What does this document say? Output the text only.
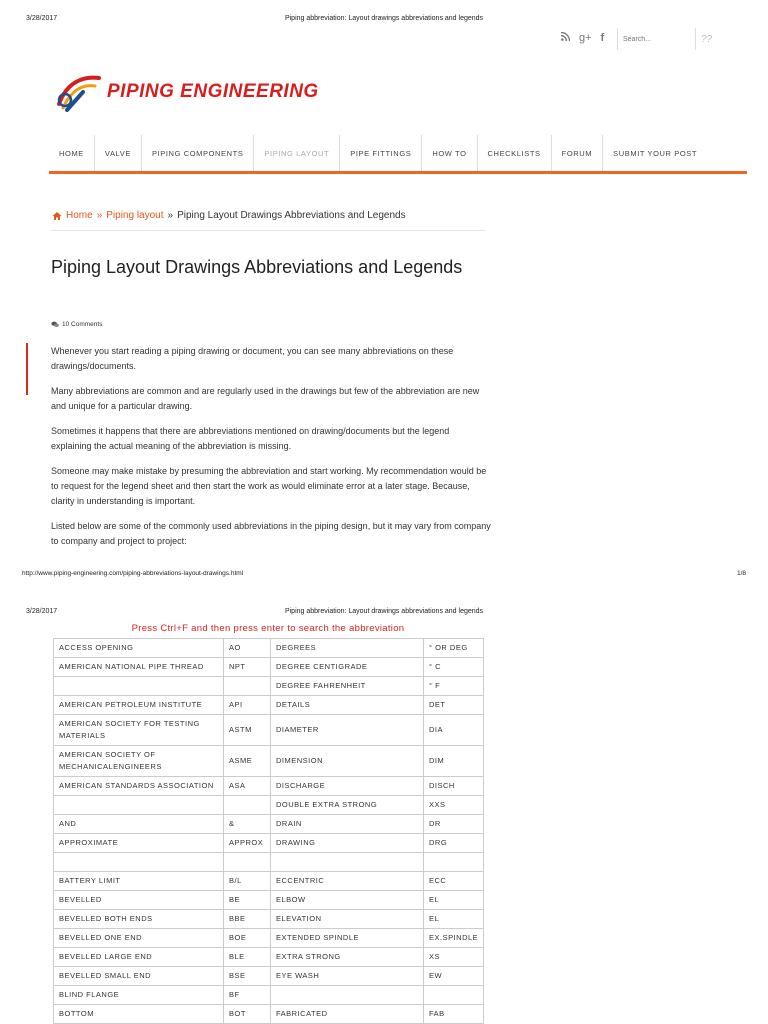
3/28/2017	Piping abbreviation: Layout drawings abbreviations and legends
g+ f
Search...	??
PIPING ENGINEERING
HOME	VALVE	PIPING COMPONENTS	PIPING LAYOUT	PIPE FITTINGS	HOW TO	CHECKLISTS	FORUM	SUBMIT YOUR POST
Home » Piping layout » Piping Layout Drawings Abbreviations and Legends
Piping Layout Drawings Abbreviations and Legends
10 Comments

Whenever you start reading a piping drawing or document, you can see many abbreviations on these drawings/documents.

Many abbreviations are common and are regularly used in the drawings but few of the abbreviation are new and unique for a particular drawing.

Sometimes it happens that there are abbreviations mentioned on drawing/documents but the legend explaining the actual meaning of the abbreviation is missing.

Someone may make mistake by presuming the abbreviation and start working. My recommendation would be to request for the legend sheet and then start the work as would eliminate error at a later stage. Because, clarity in understanding is important.

Listed below are some of the commonly used abbreviations in the piping design, but it may vary from company to company and project to project:

http://www.piping-engineering.com/piping-abbreviations-layout-drawings.html	1/8
3/28/2017	Piping abbreviation: Layout drawings abbreviations and legends
Press Ctrl+F and then press enter to search the abbreviation
ACCESS OPENING	AO	DEGREES	° OR DEG
AMERICAN NATIONAL PIPE THREAD	NPT	DEGREE CENTIGRADE	° C
		DEGREE FAHRENHEIT	° F
AMERICAN PETROLEUM INSTITUTE	API	DETAILS	DET
AMERICAN SOCIETY FOR TESTING MATERIALS	ASTM	DIAMETER	DIA
AMERICAN SOCIETY OF MECHANICALENGINEERS	ASME	DIMENSION	DIM
AMERICAN STANDARDS ASSOCIATION	ASA	DISCHARGE	DISCH
		DOUBLE EXTRA STRONG	XXS
AND	&	DRAIN	DR
APPROXIMATE	APPROX	DRAWING	DRG

BATTERY LIMIT	B/L	ECCENTRIC	ECC
BEVELLED	BE	ELBOW	EL
BEVELLED BOTH ENDS	BBE	ELEVATION	EL
BEVELLED ONE END	BOE	EXTENDED SPINDLE	EX.SPINDLE
BEVELLED LARGE END	BLE	EXTRA STRONG	XS
BEVELLED SMALL END	BSE	EYE WASH	EW
BLIND FLANGE	BF		
BOTTOM	BOT	FABRICATED	FAB
